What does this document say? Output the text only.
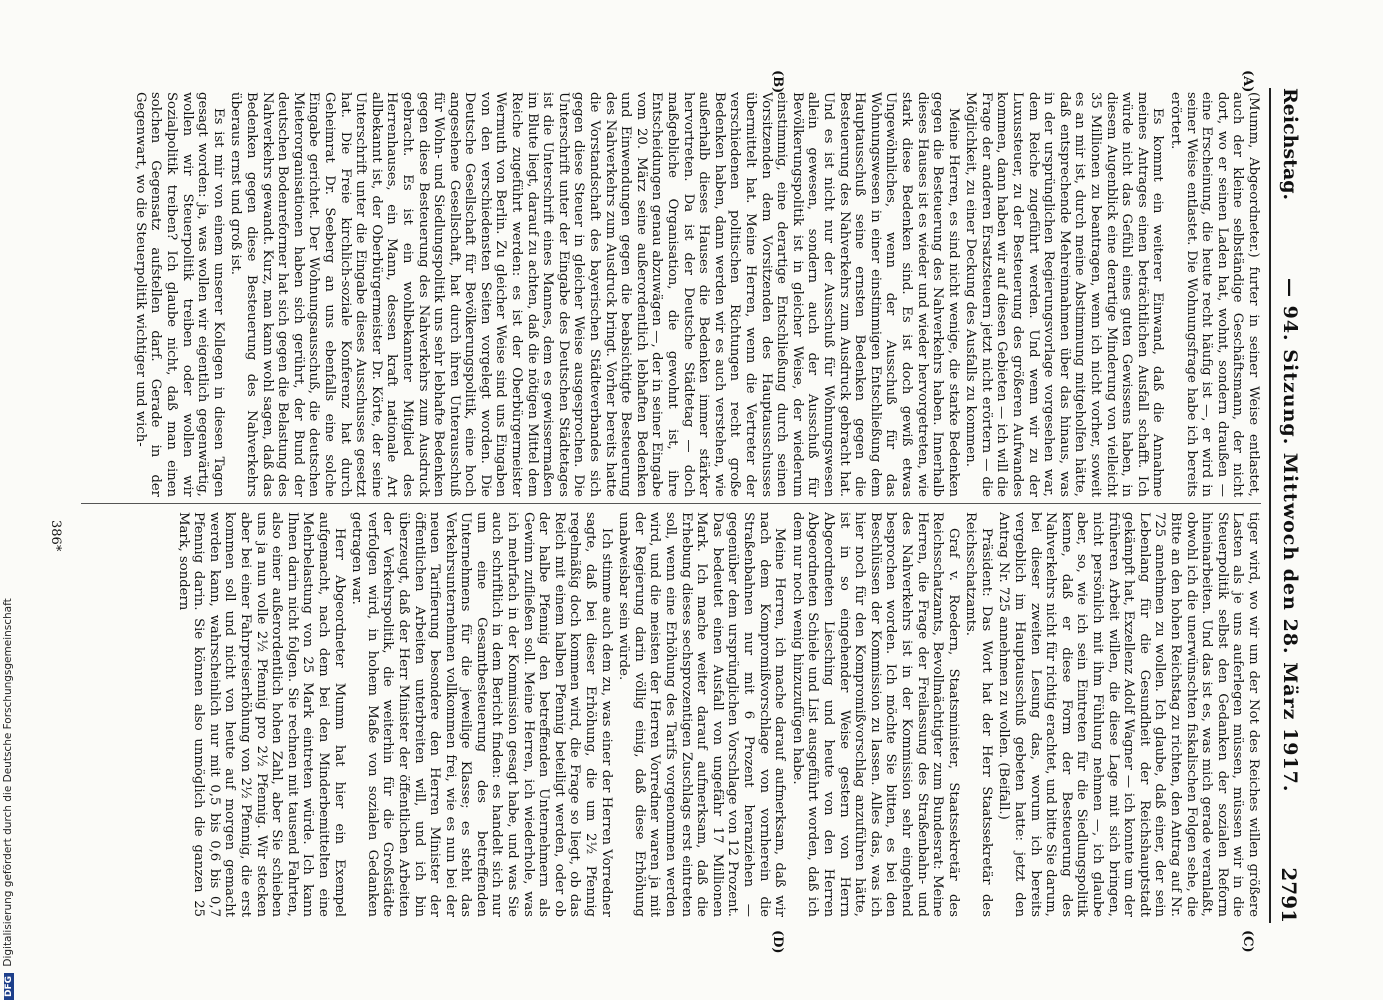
Reichstag.
— 94. Sitzung. Mittwoch den 28. März 1917.
2791
(A)
(B)
(C)
(D)

(Mumm, Abgeordneter.) furter in seiner Weise entlastet, auch der kleine selbständige Geschäftsmann, der nicht dort, wo er seinen Laden hat, wohnt, sondern draußen — eine Erscheinung, die heute recht häufig ist —, er wird in seiner Weise entlastet. Die Wohnungsfrage habe ich bereits erörtert.

Es kommt ein weiterer Einwand, daß die Annahme meines Antrages einen beträchtlichen Ausfall schafft. Ich würde nicht das Gefühl eines guten Gewissens haben, in diesem Augenblick eine derartige Minderung von vielleicht 35 Millionen zu beantragen, wenn ich nicht vorher, soweit es an mir ist, durch meine Abstimmung mitgeholfen hätte, daß entsprechende Mehreinnahmen über das hinaus, was in der ursprünglichen Regierungsvorlage vorgesehen war, dem Reiche zugeführt werden. Und wenn wir zu der Luxussteuer, zu der Besteuerung des größeren Aufwandes kommen, dann haben wir auf diesen Gebieten — ich will die Frage der anderen Ersatzsteuern jetzt nicht erörtern — die Möglichkeit, zu einer Deckung des Ausfalls zu kommen.

Meine Herren, es sind nicht wenige, die starke Bedenken gegen die Besteuerung des Nahverkehrs haben. Innerhalb dieses Hauses ist es wieder und wieder hervorgetreten, wie stark diese Bedenken sind. Es ist doch gewiß etwas Ungewöhnliches, wenn der Ausschuß für das Wohnungswesen in einer einstimmigen Entschließung dem Hauptausschuß seine ernsten Bedenken gegen die Besteuerung des Nahverkehrs zum Ausdruck gebracht hat. Und es ist nicht nur der Ausschuß für Wohnungswesen allein gewesen, sondern auch der Ausschuß für Bevölkerungspolitik ist in gleicher Weise, der wiederum einstimmig, eine derartige Entschließung durch seinen Vorsitzenden dem Vorsitzenden des Hauptausschusses übermittelt hat. Meine Herren, wenn die Vertreter der verschiedenen politischen Richtungen recht große Bedenken haben, dann werden wir es auch verstehen, wie außerhalb dieses Hauses die Bedenken immer stärker hervortreten. Da ist der Deutsche Städtetag — doch maßgebliche Organisation, die gewohnt ist, ihre Entscheidungen genau abzuwägen —, der in seiner Eingabe vom 20. März seine außerordentlich lebhaften Bedenken und Einwendungen gegen die beabsichtigte Besteuerung des Nahverkehrs zum Ausdruck bringt. Vorher bereits hatte die Vorstandschaft des bayerischen Städteverbandes sich gegen diese Steuer in gleicher Weise ausgesprochen. Die Unterschrift unter der Eingabe des Deutschen Städtetages ist die Unterschrift eines Mannes, dem es gewissermaßen im Blute liegt, darauf zu achten, daß die nötigen Mittel dem Reiche zugeführt werden: es ist der Oberbürgermeister Wermuth von Berlin. Zu gleicher Weise sind uns Eingaben von den verschiedensten Seiten vorgelegt worden. Die Deutsche Gesellschaft für Bevölkerungspolitik, eine hoch angesehene Gesellschaft, hat durch ihren Unterausschuß für Wohn- und Siedlungspolitik uns sehr lebhafte Bedenken gegen diese Besteuerung des Nahverkehrs zum Ausdruck gebracht. Es ist ein wohlbekannter Mitglied des Herrenhauses, ein Mann, dessen kraft nationale Art allbekannt ist, der Oberbürgermeister Dr. Körte, der seine Unterschrift unter die Eingabe dieses Ausschusses gesetzt hat. Die Freie kirchlich-soziale Konferenz hat durch Geheimrat Dr. Seeberg an uns ebenfalls eine solche Eingabe gerichtet. Der Wohnungsausschuß, die deutschen Mieterorganisationen haben sich gerührt, der Bund der deutschen Bodenreformer hat sich gegen die Belastung des Nahverkehrs gewandt. Kurz, man kann wohl sagen, daß das Bedenken gegen diese Besteuerung des Nahverkehrs überaus ernst und groß ist.

Es ist mir von einem unserer Kollegen in diesen Tagen gesagt worden: ja, was wollen wir eigentlich gegenwärtig, wollen wir Steuerpolitik treiben oder wollen wir Sozialpolitik treiben? Ich glaube nicht, daß man einen solchen Gegensatz aufstellen darf. Gerade in der Gegenwart, wo die Steuerpolitik wichtiger und wich-

tiger wird, wo wir um der Not des Reiches willen größere Lasten als je uns auferlegen müssen, müssen wir in die Steuerpolitik selbst den Gedanken der sozialen Reform hineinarbeiten. Und das ist es, was mich gerade veranlaßt, obwohl ich die unerwünschten fiskalischen Folgen sehe, die Bitte an den hohen Reichstag zu richten, den Antrag auf Nr. 725 annehmen zu wollen. Ich glaube, daß einer, der sein Lebenlang für die Gesundheit der Reichshauptstadt gekämpft hat, Exzellenz Adolf Wagner — ich konnte um der früheren Arbeit willen, die diese Lage mit sich bringen, nicht persönlich mit ihm Fühlung nehmen —, ich glaube aber, so, wie ich sein Eintreten für die Siedlungspolitik kenne, daß er diese Form der Besteuerung des Nahverkehrs nicht für richtig erachtet, und bitte Sie darum, bei dieser zweiten Lesung das, worum ich bereits vergeblich im Hauptausschuß gebeten hatte: jetzt den Antrag Nr. 725 annehmen zu wollen. (Beifall.)

Präsident: Das Wort hat der Herr Staatssekretär des Reichsschatzamts.

Graf v. Roedern, Staatsminister, Staatssekretär des Reichsschatzamts, Bevollmächtigter zum Bundesrat: Meine Herren, die Frage der Freilassung des Straßenbahn- und des Nahverkehrs ist in der Kommission sehr eingehend besprochen worden. Ich möchte Sie bitten, es bei den Beschlüssen der Kommission zu lassen. Alles das, was ich hier noch für den Kompromißvorschlag anzuführen hätte, ist in so eingehender Weise gestern von Herrn Abgeordneten Liesching und heute von den Herren Abgeordneten Schiele und List ausgeführt worden, daß ich dem nur noch wenig hinzuzufügen habe.

Meine Herren, ich mache darauf aufmerksam, daß wir nach dem Kompromißvorschlage von vornherein die Straßenbahnen nur mit 6 Prozent heranziehen — gegenüber dem ursprünglichen Vorschlage von 12 Prozent. Das bedeutet einen Ausfall von ungefähr 17 Millionen Mark. Ich mache weiter darauf aufmerksam, daß die Erhebung dieses sechsprozentigen Zuschlags erst eintreten soll, wenn eine Erhöhung des Tarifs vorgenommen werden wird, und die meisten der Herren Vorredner waren ja mit der Regierung darin völlig einig, daß diese Erhöhung unabweisbar sein würde.

Ich stimme auch dem zu, was einer der Herren Vorredner sagte, daß bei dieser Erhöhung, die um 2½ Pfennig regelmäßig doch kommen wird, die Frage so liegt, ob das Reich mit einem halben Pfennig beteiligt werden, oder ob der halbe Pfennig den betreffenden Unternehmern als Gewinn zufließen soll. Meine Herren, ich wiederhole, was ich mehrfach in der Kommission gesagt habe, und was Sie auch schriftlich in dem Bericht finden: es handelt sich nur um eine Gesamtbesteuerung des betreffenden Unternehmens für die jeweilige Klasse; es steht das Verkehrsunternehmen vollkommen frei, wie es nun bei der neuen Tarifierung besondere den Herren Minister der öffentlichen Arbeiten unterbreiten will, und ich bin überzeugt, daß der Herr Minister der öffentlichen Arbeiten der Verkehrspolitik, die weiterhin für die Großstädte verfolgen wird, in hohem Maße von sozialen Gedanken getragen war.

Herr Abgeordneter Mumm hat hier ein Exempel aufgemacht, nach dem bei den Minderbemittelten eine Mehrbelastung von 25 Mark eintreten würde. Ich kann Ihnen darin nicht folgen. Sie rechnen mit tausend Fahrten, also einer außerordentlich hohen Zahl, aber Sie schieben uns ja nun volle 2½ Pfennig pro 2½ Pfennig. Wir stecken aber bei einer Fahrpreiserhöhung von 2½ Pfennig, die erst kommen soll und nicht von heute auf morgen gemacht werden kann, wahrscheinlich nur mit 0,5 bis 0,6 bis 0,7 Pfennig darin. Sie können also unmöglich die ganzen 25 Mark, sondern

386*
DFG Digitalisierung gefördert durch die Deutsche Forschungsgemeinschaft
